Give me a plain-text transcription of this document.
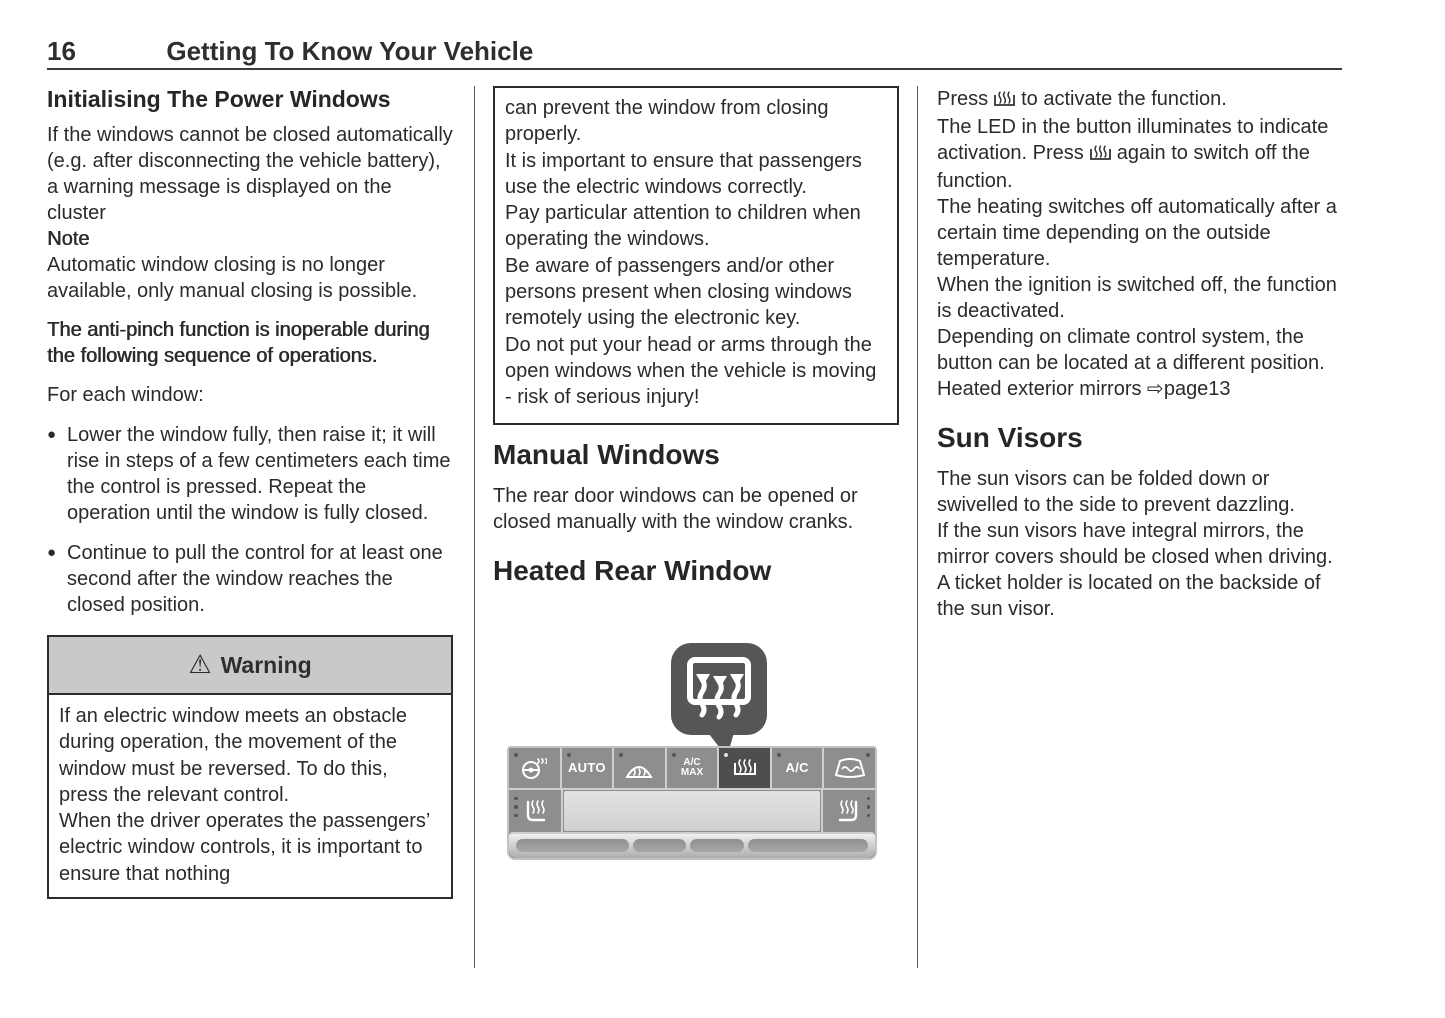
16	Getting To Know Your Vehicle
Initialising The Power Windows

If the windows cannot be closed automatically (e.g. after disconnecting the vehicle battery), a warning message is displayed on the cluster

Note

Automatic window closing is no longer available, only manual closing is possible.

The anti-pinch function is inoperable during the following sequence of operations.

For each window:

● Lower the window fully, then raise it; it will rise in steps of a few centimeters each time the control is pressed. Repeat the operation until the window is fully closed.
● Continue to pull the control for at least one second after the window reaches the closed position.
⚠ Warning
If an electric window meets an obstacle during operation, the movement of the window must be reversed. To do this, press the relevant control.
When the driver operates the passengers’ electric window controls, it is important to ensure that nothing
can prevent the window from closing properly.
It is important to ensure that passengers use the electric windows correctly.
Pay particular attention to children when operating the windows.
Be aware of passengers and/or other persons present when closing windows remotely using the electronic key.
Do not put your head or arms through the open windows when the vehicle is moving - risk of serious injury!
Manual Windows

The rear door windows can be opened or closed manually with the window cranks.

Heated Rear Window
AUTO	A/C
MAX	A/C

Press to activate the function.

The LED in the button illuminates to indicate activation. Press again to switch off the function.

The heating switches off automatically after a certain time depending on the outside temperature.

When the ignition is switched off, the function is deactivated.

Depending on climate control system, the button can be located at a different position.

Heated exterior mirrors ⇨page13

Sun Visors

The sun visors can be folded down or swivelled to the side to prevent dazzling.

If the sun visors have integral mirrors, the mirror covers should be closed when driving.

A ticket holder is located on the backside of the sun visor.
